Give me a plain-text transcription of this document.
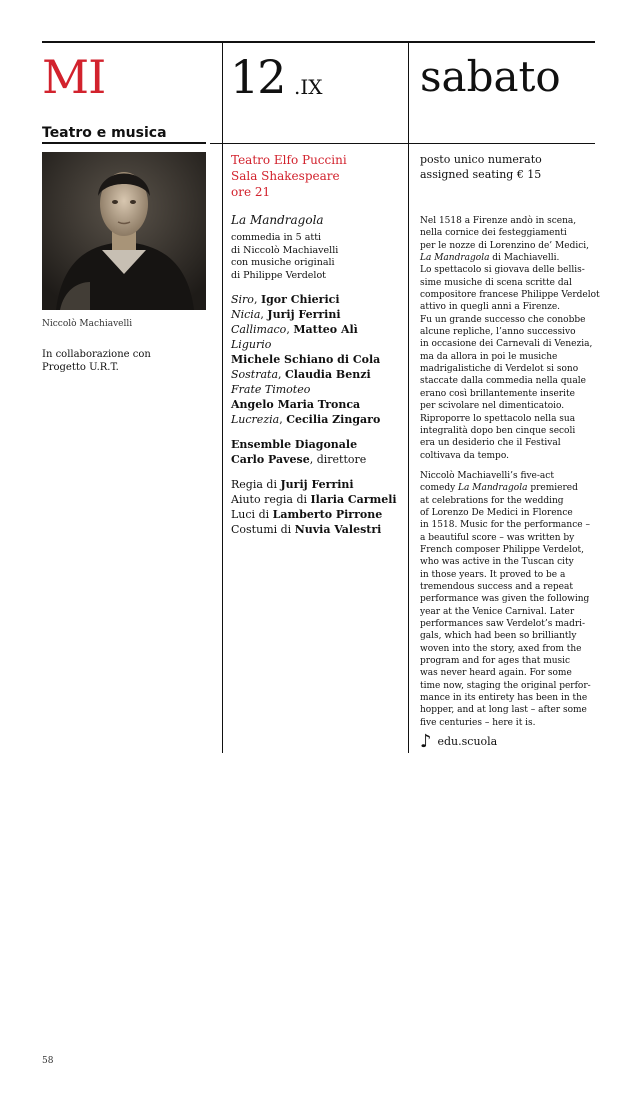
MI	12 .IX sabato
Teatro e musica
Niccolò Machiavelli
In collaborazione con
Progetto U.R.T.
Teatro Elfo Puccini
Sala Shakespeare
ore 21
La Mandragola
commedia in 5 atti
di Niccolò Machiavelli
con musiche originali
di Philippe Verdelot
Siro, Igor Chierici
Nicia, Jurij Ferrini
Callimaco, Matteo Alì
Ligurio
Michele Schiano di Cola
Sostrata, Claudia Benzi
Frate Timoteo
Angelo Maria Tronca
Lucrezia, Cecilia Zingaro
Ensemble Diagonale
Carlo Pavese, direttore
Regia di Jurij Ferrini
Aiuto regia di Ilaria Carmeli
Luci di Lamberto Pirrone
Costumi di Nuvia Valestri
posto unico numerato
assigned seating € 15

Nel 1518 a Firenze andò in scena,
nella cornice dei festeggiamenti
per le nozze di Lorenzino de’ Medici,
La Mandragola di Machiavelli.
Lo spettacolo si giovava delle bellis-
sime musiche di scena scritte dal
compositore francese Philippe Verdelot
attivo in quegli anni a Firenze.
Fu un grande successo che conobbe
alcune repliche, l’anno successivo
in occasione dei Carnevali di Venezia,
ma da allora in poi le musiche
madrigalistiche di Verdelot si sono
staccate dalla commedia nella quale
erano così brillantemente inserite
per scivolare nel dimenticatoio.
Riproporre lo spettacolo nella sua
integralità dopo ben cinque secoli
era un desiderio che il Festival
coltivava da tempo.

Niccolò Machiavelli’s five-act
comedy La Mandragola premiered
at celebrations for the wedding
of Lorenzo De Medici in Florence
in 1518. Music for the performance –
a beautiful score – was written by
French composer Philippe Verdelot,
who was active in the Tuscan city
in those years. It proved to be a
tremendous success and a repeat
performance was given the following
year at the Venice Carnival. Later
performances saw Verdelot’s madri-
gals, which had been so brilliantly
woven into the story, axed from the
program and for ages that music
was never heard again. For some
time now, staging the original perfor-
mance in its entirety has been in the
hopper, and at long last – after some
five centuries – here it is.

♪ edu.scuola
58
